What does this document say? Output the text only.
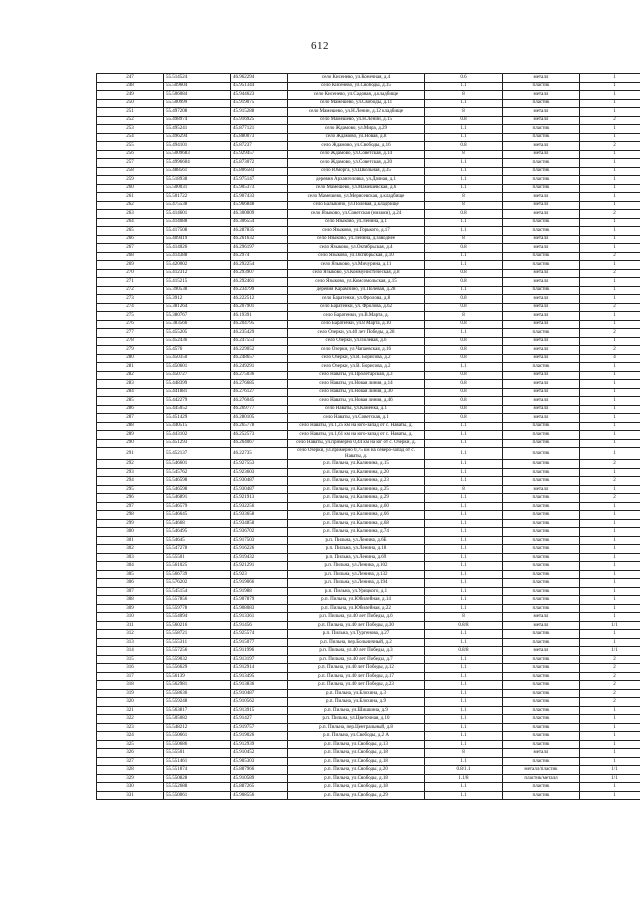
612
247	55.514524	46.962294	село Кисенево, ул.Конечная, д.4	0.6	металл	1
248	55.509604	45.951344	село Кисенево, ул.Свободы, д.15	1.1	пластик	1
249	55.506084	45.944623	село Кисенево, ул.Садовая, д.кладбище	8	металл	1
250	55.500999	45.919075	село Мамешево, ул.Свободы, д.11	1.1	пластик	1
251	55.497208	45.915288	село Мамешево, ул.Н.Ленин, д.12 кладбище	8	металл	1
252	55.498974	45.916925	село Мамешево, ул.Н.Ленин, д.15	0.8	металл	2
253	55.495241	45.877121	село Ждамово, ул.Мира, д.29	1.1	пластик	1
254	55.496294	45.880073	село Ждамово, ул.Новая, д.8	1.1	пластик	1
255	55.494101	45.87237	село Ждамово, ул.Свободы, д.16	0.8	металл	2
256	55.5009683	45.929457	село Ждамово, ул.Советская, д.14	8	металл	1
257	55.4996604	45.873072	село Ждамово, ул.Советская, д.20	1.1	пластик	1
258	55.488561	45.806583	село Юморга, ул.Школьная, д.35	1.1	пластик	1
259	55.518938	45.975147	деревня Архангеловка, ул.Дачная, д.1	1.1	пластик	1
260	55.500031	45.905373	село Мамешево, ул.Мамешевская, д.6	1.1	пластик	1
261	55.501722	45.907433	село Мамешево, ул.Мерясевская, д.кладбище	8	металл	1
262	55.475538	45.966848	село Балыкино, ул.Полевая, д.кладбище	8	металл	1
263	55.414601	46.300009	село Языково, ул.Советская (низами), д.24	0.8	металл	2
264	55.414088	46.306554	село Языково, ул.Ленина, д.1	1.1	пластик	1
265	55.417508	46.287835	село Языково, ул.Горького, д.17	1.1	пластик	1
266	55.409419	46.261632	село Языково, ул.Ленина, д.заводнее	8	металл	1
267	55.414026	46.296197	село Языково, ул.Октябрьская, д.4	0.8	металл	1
268	55.414388	46.2974	село Языково, ул.Октябрьская, д.10	1.1	пластик	2
269	55.420002	46.292254	село Языково, ул.Мичурина, д.11	1.1	пластик	1
270	55.412312	46.293907	село Языково, ул.Коммунистическая, д.8	0.8	металл	2
271	55.415215	46.292461	село Языково, ул.Комсомольская, д.15	0.8	металл	1
272	55.390538	46.234799	деревня Карамзино, ул.Полевая, д.28	1.1	пластик	1
273	55.3912	46.222512	село Баратенки, ул.Фролова, д.8	0.8	металл	1
274	55.381264	46.207901	село Баратенки, ул. Фролова, д.62	0.8	металл	2
275	55.380767	46.19391	село Баратенки, ул.В.Марта, д.	8	металл	1
276	55.383566	46.204795	село Баратенки, ул.8 Марта, д.10	0.8	металл	1
277	55.455205	46.235429	село Озерки, ул.40 лет Победы, д.28	1.1	пластик	2
278	55.452436	46.247553	село Озерки, ул.Полевая, д.6	0.8	металл	1
279	55.4576	46.229052	село Озерки, ул.Чапаевская, д.16	0.8	металл	2
280	55.450350	46.248657	село Озерки, ул.В. Борисова, д.2	0.8	металл	4
281	55.450601	46.249291	село Озерки, ул.В. Борисова, д.2	1.1	пластик	1
282	55.450727	46.275036	село Наваты, ул.Пролетарская, д.3	0.8	металл	1
283	55.448399	46.276685	село Наваты, ул.Новая линия, д.14	0.8	металл	1
284	55.441881	46.276127	село Наваты, ул.Новая линия, д.30	0.8	металл	1
285	55.442279	46.276045	село Наваты, ул.Новая линия, д.46	0.8	металл	1
286	55.445052	46.269777	село Наваты, ул.Каменка, д.1	0.8	металл	1
287	55.451429	46.280105	село Наваты, ул.Советская, д.1	0.8	металл	1
288	55.440515	46.265778	село Наваты, ул.1,25 км на юго-запад от с. Наваты, д.	1.1	пластик	1
289	55.443102	46.252573	село Наваты, ул.1,61 км на юго-запад от с. Наваты, д.	1.1	пластик	1
290	55.451293	46.264067	село Наваты, ул.примерно 0,44 км на юг от с. Озерки, д.	1.1	пластик	1
291	55.452137	46.22735	село Озерки, ул.примерно 0,75 км на северо-запад от с. Наваты, д.	1.1	пластик	1
292	55.546601	45.927553	р.п. Пильна, ул.Калинина, д.15	1.1	пластик	2
293	55.545762	45.923603	р.п. Пильна, ул.Калинина, д.20	1.1	пластик	1
294	55.546598	45.930487	р.п. Пильна, ул.Калинина, д.23	1.1	пластик	2
295	55.546598	45.930487	р.п. Пильна, ул.Калинина, д.25	8	металл	1
296	55.546891	45.921913	р.п. Пильна, ул.Калинина, д.29	1.1	пластик	2
297	55.546579	45.932256	р.п. Пильна, ул.Калинина, д.60	1.1	пластик	1
298	55.546645	45.933658	р.п. Пильна, ул.Калинина, д.66	1.1	пластик	1
299	55.54668	45.934858	р.п. Пильна, ул.Калинина, д.68	1.1	пластик	1
300	55.546495	45.936702	р.п. Пильна, ул.Калинина, д.74	1.1	пластик	1
301	55.54645	45.917503	р.п. Пильна, ул.Ленина, д.6Б	1.1	пластик	1
302	55.547278	45.916226	р.п. Пильна, ул.Ленина, д.18	1.1	пластик	1
303	55.55501	45.919432	р.п. Пильна, ул.Ленина, д.69	1.1	пластик	1
304	55.561025	45.921291	р.п. Пильна, ул.Ленина, д.102	1.1	пластик	1
305	55.566739	45.923	р.п. Пильна, ул.Ленина, д.132	1.1	пластик	1
306	55.576202	45.919066	р.п. Пильна, ул.Ленина, д.194	1.1	пластик	1
307	55.545154	45.91988	р.п. Пильна, ул.Урицкого, д.1	1.1	пластик	1
308	55.557856	45.907879	р.п. Пильна, ул.Юбилейная, д.14	1.1	пластик	1
309	55.559778	45.908083	р.п. Пильна, ул.Юбилейная, д.22	1.1	пластик	1
310	55.554094	45.913361	р.п. Пильна, ул.40 лет Победы, д.6	8	металл	1
311	55.560216	45.91456	р.п. Пильна, ул.40 лет Победы, д.30	0.8/8	металл	1/1
312	55.558721	45.925574	р.п. Пильна, ул.Тургенова, д.27	1.1	пластик	1
313	55.555311	45.915077	р.п. Пильна, пер.Больничный, д.2	1.1	пластик	1
314	55.557256	45.911996	р.п. Пильна, ул.40 лет Победы, д.3	0.8/8	металл	1/1
315	55.559032	45.913197	р.п. Пильна, ул.40 лет Победы, д.7	1.1	пластик	2
316	55.556629	45.912914	р.п. Пильна, ул.40 лет Победы, д.12	1.1	пластик	2
317	55.56139	45.913495	р.п. Пильна, ул.40 лет Победы, д.17	1.1	пластик	2
318	55.562981	45.913836	р.п. Пильна, ул.40 лет Победы, д.23	1.1	пластик	2
319	55.558636	45.910487	р.п. Пильна, ул.Блохина, д.3	1.1	пластик	2
320	55.559248	45.910562	р.п. Пильна, ул.Блохина, д.9	1.1	пластик	2
321	55.563817	45.913915	р.п. Пильна, ул.Шишкина, д.9	1.1	пластик	1
322	55.505082	45.91427	р.п. Пильна, ул.Цветочная, д.10	1.1	пластик	1
323	55.548212	45.919757	р.п. Пильна, пер.Центральный, д.8	1.1	пластик	1
324	55.550661	45.919026	р.п. Пильна, ул.Свободы, д.2 А	1.1	пластик	1
325	55.550686	45.912939	р.п. Пильна, ул.Свободы, д.13	1.1	пластик	1
326	55.55501	45.910452	р.п. Пильна, ул.Свободы, д.18	8	металл	1
327	55.551461	45.905303	р.п. Пильна, ул.Свободы, д.18	1.1	пластик	1
328	55.551874	45.887966	р.п. Пильна, ул.Свободы, д.20	0.8/1.1	металл/пластик	1/1
329	55.550828	45.910589	р.п. Пильна, ул.Свободы, д.18	1.1/8	пластик/металл	1/1
330	55.552688	45.887265	р.п. Пильна, ул.Свободы, д.18	1.1	пластик	1
331	55.550061	45.908556	р.п. Пильна, ул.Свободы, д.29	1.1	пластик	1
